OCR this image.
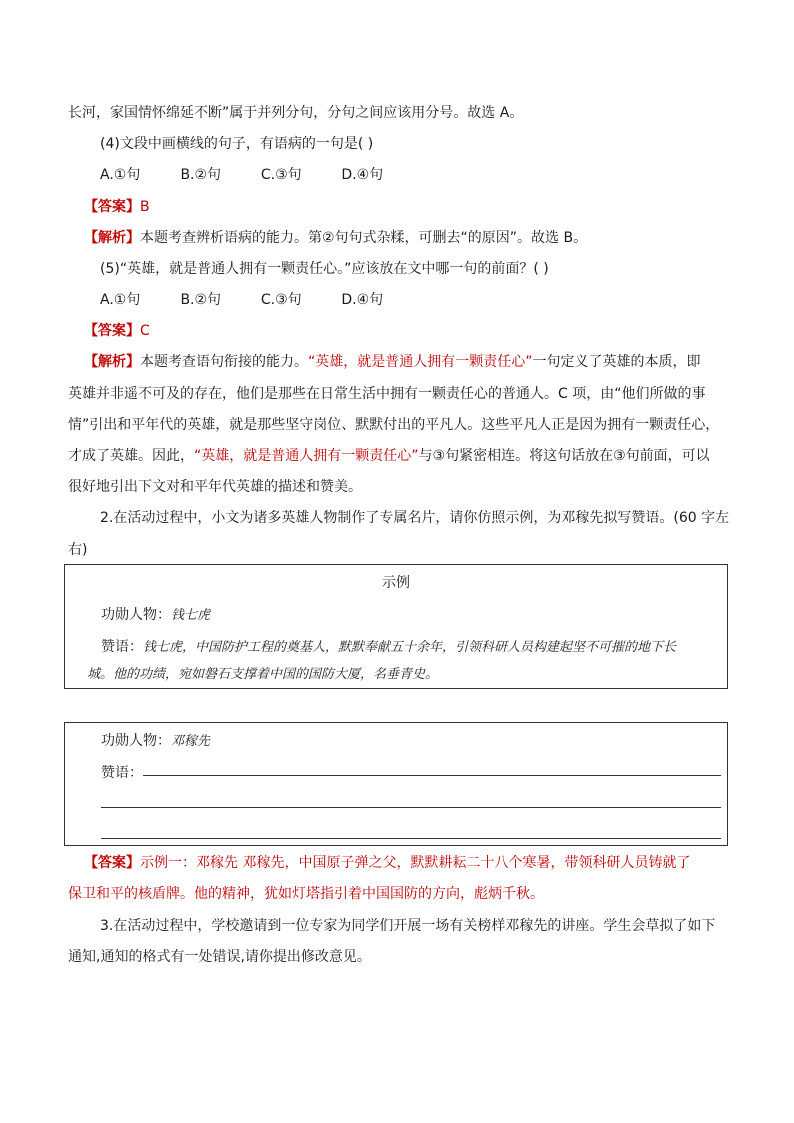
长河，家国情怀绵延不断”属于并列分句，分句之间应该用分号。故选 A。
(4)文段中画横线的句子，有语病的一句是( )
A.①句	B.②句	C.③句	D.④句
【答案】B
【解析】本题考查辨析语病的能力。第②句句式杂糅，可删去“的原因”。故选 B。
(5)“英雄，就是普通人拥有一颗责任心。”应该放在文中哪一句的前面？( )
A.①句	B.②句	C.③句	D.④句
【答案】C
【解析】本题考查语句衔接的能力。“英雄，就是普通人拥有一颗责任心”一句定义了英雄的本质，即
英雄并非遥不可及的存在，他们是那些在日常生活中拥有一颗责任心的普通人。C 项，由“他们所做的事
情”引出和平年代的英雄，就是那些坚守岗位、默默付出的平凡人。这些平凡人正是因为拥有一颗责任心，
才成了英雄。因此，“英雄，就是普通人拥有一颗责任心”与③句紧密相连。将这句话放在③句前面，可以
很好地引出下文对和平年代英雄的描述和赞美。
2.在活动过程中，小文为诸多英雄人物制作了专属名片，请你仿照示例，为邓稼先拟写赞语。(60 字左
右)
示例
功勋人物：钱七虎
赞语：钱七虎，中国防护工程的奠基人，默默奉献五十余年，引领科研人员构建起坚不可摧的地下长
城。他的功绩，宛如磐石支撑着中国的国防大厦，名垂青史。
功勋人物：邓稼先
赞语：
【答案】示例一：邓稼先 邓稼先，中国原子弹之父，默默耕耘二十八个寒暑，带领科研人员铸就了
保卫和平的核盾牌。他的精神，犹如灯塔指引着中国国防的方向，彪炳千秋。
3.在活动过程中，学校邀请到一位专家为同学们开展一场有关榜样邓稼先的讲座。学生会草拟了如下
通知,通知的格式有一处错误,请你提出修改意见。
